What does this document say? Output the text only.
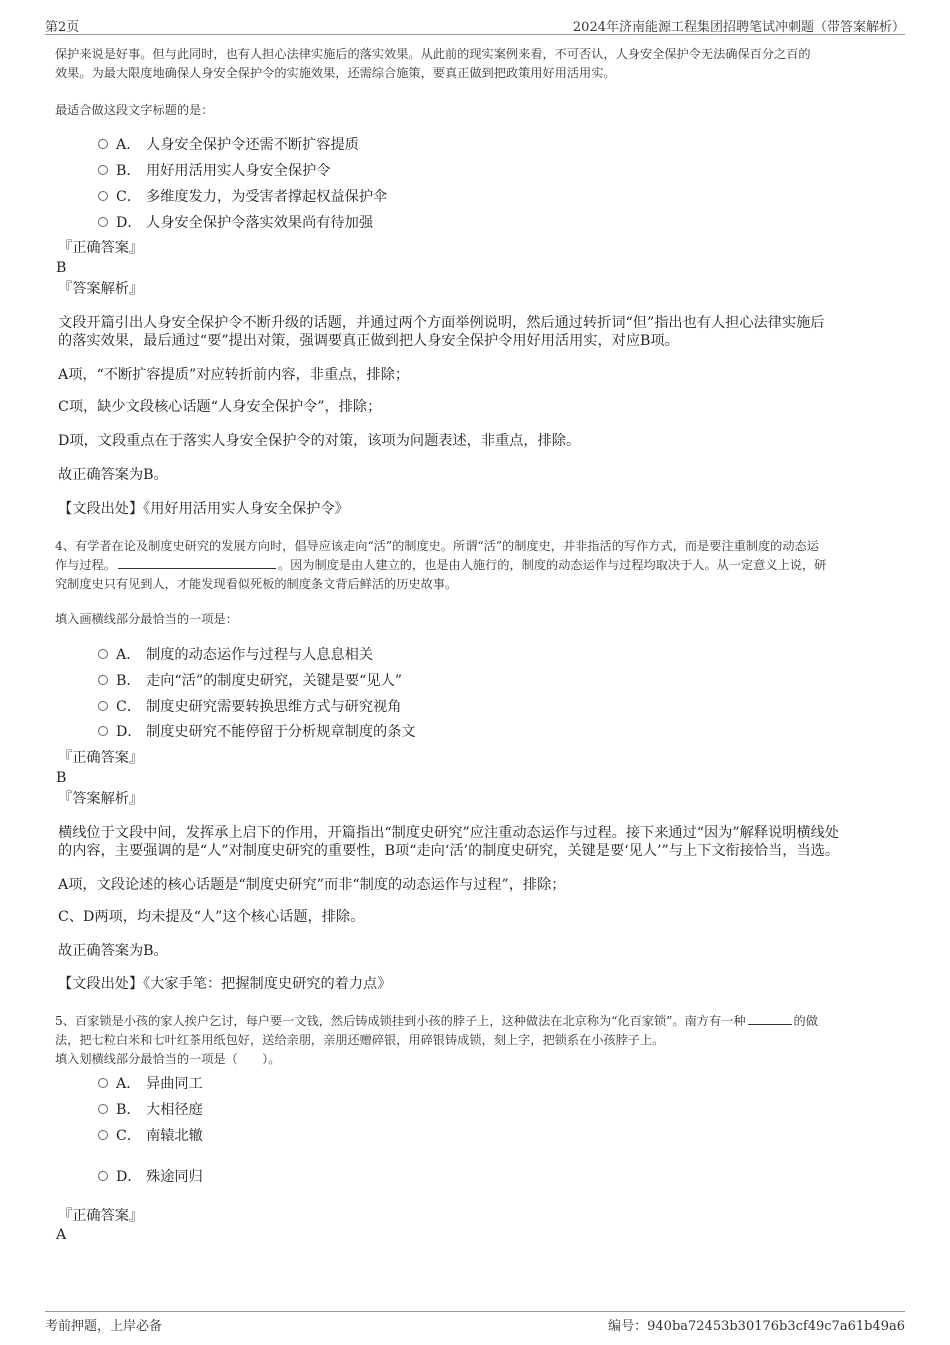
第2页	2024年济南能源工程集团招聘笔试冲刺题（带答案解析）
保护来说是好事。但与此同时，也有人担心法律实施后的落实效果。从此前的现实案例来看，不可否认，人身安全保护令无法确保百分之百的
效果。为最大限度地确保人身安全保护令的实施效果，还需综合施策，要真正做到把政策用好用活用实。
最适合做这段文字标题的是：
A． 人身安全保护令还需不断扩容提质
B． 用好用活用实人身安全保护令
C． 多维度发力，为受害者撑起权益保护伞
D． 人身安全保护令落实效果尚有待加强
『正确答案』
B
『答案解析』
文段开篇引出人身安全保护令不断升级的话题，并通过两个方面举例说明，然后通过转折词“但”指出也有人担心法律实施后
的落实效果，最后通过“要”提出对策，强调要真正做到把人身安全保护令用好用活用实，对应B项。
A项，“不断扩容提质”对应转折前内容，非重点，排除；
C项，缺少文段核心话题“人身安全保护令”，排除；
D项，文段重点在于落实人身安全保护令的对策，该项为问题表述，非重点，排除。
故正确答案为B。
【文段出处】《用好用活用实人身安全保护令》
4、有学者在论及制度史研究的发展方向时，倡导应该走向“活”的制度史。所谓“活”的制度史，并非指活的写作方式，而是要注重制度的动态运
作与过程。	。因为制度是由人建立的，也是由人施行的，制度的动态运作与过程均取决于人。从一定意义上说，研
究制度史只有见到人，才能发现看似死板的制度条文背后鲜活的历史故事。
填入画横线部分最恰当的一项是：
A． 制度的动态运作与过程与人息息相关
B． 走向“活”的制度史研究，关键是要“见人”
C． 制度史研究需要转换思维方式与研究视角
D． 制度史研究不能停留于分析规章制度的条文
『正确答案』
B
『答案解析』
横线位于文段中间，发挥承上启下的作用，开篇指出“制度史研究”应注重动态运作与过程。接下来通过“因为”解释说明横线处
的内容，主要强调的是“人”对制度史研究的重要性，B项“走向‘活’的制度史研究，关键是要‘见人’”与上下文衔接恰当，当选。
A项，文段论述的核心话题是“制度史研究”而非“制度的动态运作与过程”，排除；
C、D两项，均未提及“人”这个核心话题，排除。
故正确答案为B。
【文段出处】《大家手笔：把握制度史研究的着力点》
5、百家锁是小孩的家人挨户乞讨，每户要一文钱，然后铸成锁挂到小孩的脖子上，这种做法在北京称为“化百家锁”。南方有一种	的做
法，把七粒白米和七叶红茶用纸包好，送给亲朋，亲朋还赠碎银，用碎银铸成锁，刻上字，把锁系在小孩脖子上。
填入划横线部分最恰当的一项是（　　）。
A． 异曲同工
B． 大相径庭
C． 南辕北辙
D． 殊途同归
『正确答案』
A
考前押题，上岸必备	编号：940ba72453b30176b3cf49c7a61b49a6
